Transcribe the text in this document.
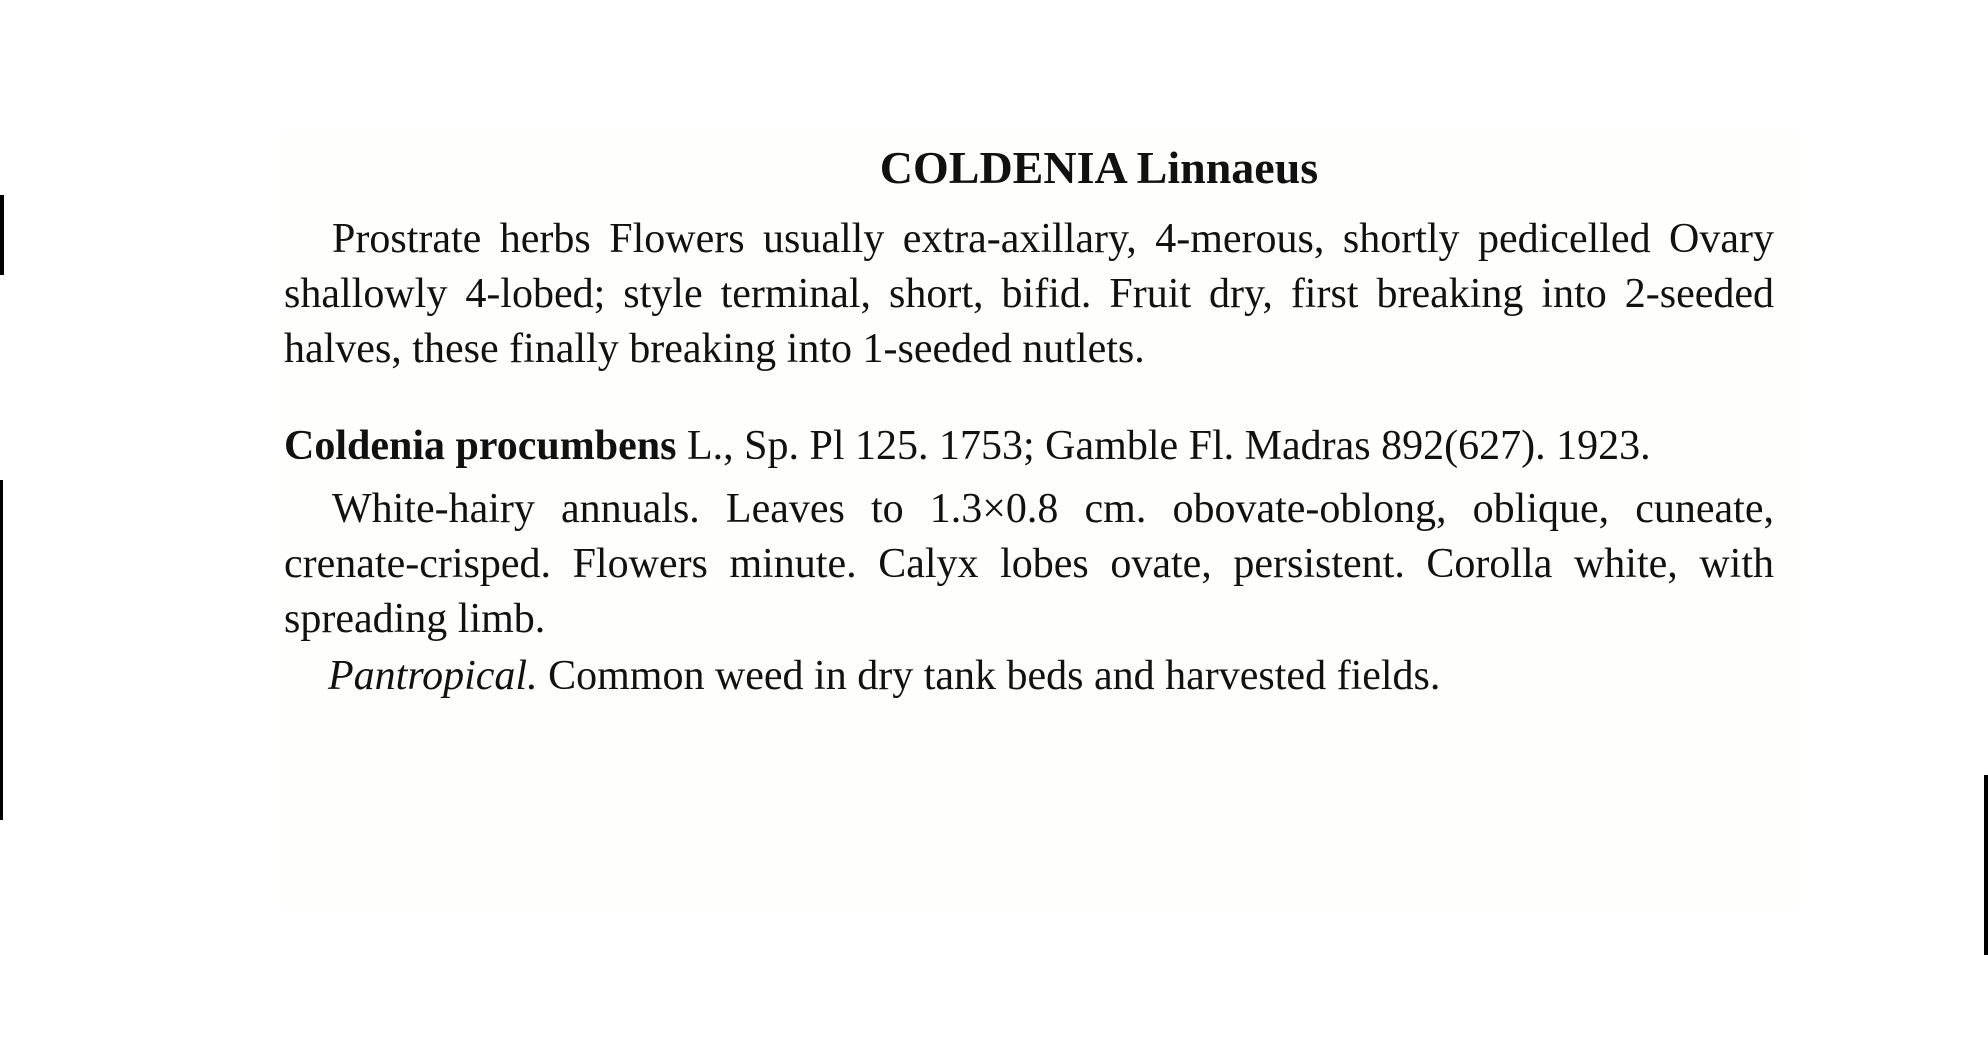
COLDENIA Linnaeus

Prostrate herbs Flowers usually extra-axillary, 4-merous, shortly pedicelled Ovary shallowly 4-lobed; style terminal, short, bifid. Fruit dry, first breaking into 2-seeded halves, these finally breaking into 1-seeded nutlets.

Coldenia procumbens L., Sp. Pl 125. 1753; Gamble Fl. Madras 892(627). 1923.

White-hairy annuals. Leaves to 1.3×0.8 cm. obovate-oblong, oblique, cuneate, crenate-crisped. Flowers minute. Calyx lobes ovate, persistent. Corolla white, with spreading limb.

Pantropical. Common weed in dry tank beds and harvested fields.
